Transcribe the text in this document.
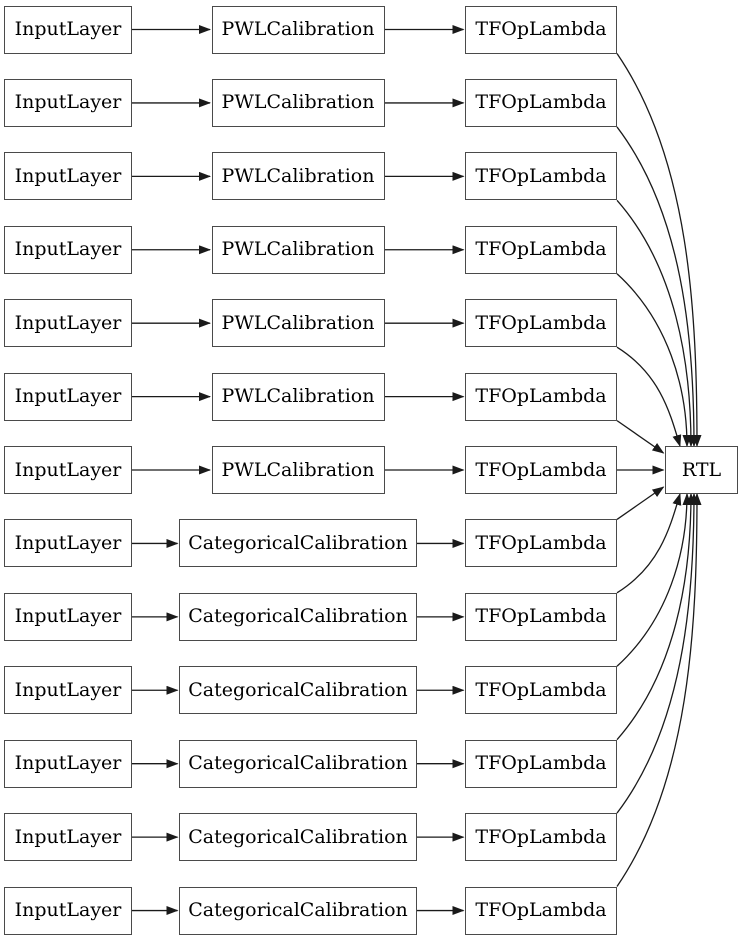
InputLayer	PWLCalibration	TFOpLambda
InputLayer	PWLCalibration	TFOpLambda
InputLayer	PWLCalibration	TFOpLambda
InputLayer	PWLCalibration	TFOpLambda
InputLayer	PWLCalibration	TFOpLambda
InputLayer	PWLCalibration	TFOpLambda
InputLayer	PWLCalibration	TFOpLambda
InputLayer	CategoricalCalibration	TFOpLambda
InputLayer	CategoricalCalibration	TFOpLambda
InputLayer	CategoricalCalibration	TFOpLambda
InputLayer	CategoricalCalibration	TFOpLambda
InputLayer	CategoricalCalibration	TFOpLambda
InputLayer	CategoricalCalibration	TFOpLambda
RTL
